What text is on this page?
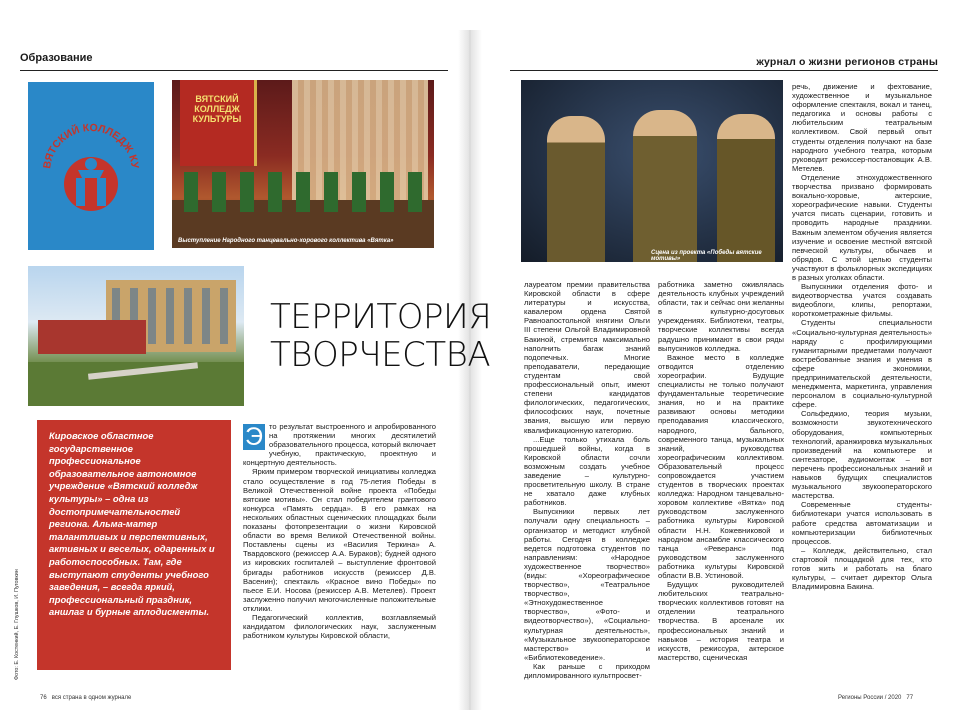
Образование	журнал о жизни регионов страны
ВЯТСКИЙ КОЛЛЕДЖ КУ
ВЯТСКИЙ КОЛЛЕДЖ КУЛЬТУРЫ
Выступление Народного танцевально-хорового коллектива «Вятка»
ТЕРРИТОРИЯ
ТВОРЧЕСТВА
Кировское областное государственное профессиональное образовательное автономное учреждение «Вятский колледж культуры» – одна из достопримечательностей региона. Альма-матер талантливых и перспективных, активных и веселых, одаренных и работоспособных. Там, где выступают студенты учебного заведения, – всегда яркий, профессиональный праздник, аншлаг и бурные аплодисменты.
Фото: Е. Костенкий, Е. Глушков, И. Пуговкин

Э то результат выстроенного и апробированного на протяжении многих десятилетий образовательного процесса, который включает учебную, практическую, проектную и концертную деятельность.

Ярким примером творческой инициативы колледжа стало осуществление в год 75-летия Победы в Великой Отечественной войне проекта «Победы вятские мотивы». Он стал победителем грантового конкурса «Память сердца». В его рамках на нескольких областных сценических площадках были показаны фотопрезентации о жизни Кировской области во время Великой Отечественной войны. Поставлены сцены из «Василия Теркина» А. Твардовского (режиссер А.А. Бураков); будней одного из кировских госпиталей – выступление фронтовой бригады работников искусств (режиссер Д.В. Васенин); спектакль «Красное вино Победы» по пьесе Е.И. Носова (режиссер А.В. Метелев). Проект заслуженно получил многочисленные положительные отклики.

Педагогический коллектив, возглавляемый кандидатом филологических наук, заслуженным работником культуры Кировской области,

Сцена из проекта «Победы вятские мотивы»

лауреатом премии правительства Кировской области в сфере литературы и искусства, кавалером ордена Святой Равноапостольной княгини Ольги III степени Ольгой Владимировной Бакиной, стремится максимально наполнить багаж знаний подопечных. Многие преподаватели, передающие студентам свой профессиональный опыт, имеют степени кандидатов филологических, педагогических, философских наук, почетные звания, высшую или первую квалификационную категорию.

...Еще только утихала боль прошедшей войны, когда в Кировской области сочли возможным создать учебное заведение – культурно-просветительную школу. В стране не хватало даже клубных работников.

Выпускники первых лет получали одну специальность – организатор и методист клубной работы. Сегодня в колледже ведется подготовка студентов по направлениям: «Народное художественное творчество» (виды: «Хореографическое творчество», «Театральное творчество», «Этнохудожественное творчество», «Фото- и видеотворчество»), «Социально-культурная деятельность», «Музыкальное звукооператорское мастерство» и «Библиотековедение».

Как раньше с приходом дипломированного культпросвет-

работника заметно оживлялась деятельность клубных учреждений области, так и сейчас они желанны в культурно-досуговых учреждениях. Библиотеки, театры, творческие коллективы всегда радушно принимают в свои ряды выпускников колледжа.

Важное место в колледже отводится отделению хореографии. Будущие специалисты не только получают фундаментальные теоретические знания, но и на практике развивают основы методики преподавания классического, народного, бального, современного танца, музыкальных знаний, руководства хореографическим коллективом. Образовательный процесс сопровождается участием студентов в творческих проектах колледжа: Народном танцевально-хоровом коллективе «Вятка» под руководством заслуженного работника культуры Кировской области Н.Н. Кожевниковой и народном ансамбле классического танца «Реверанс» под руководством заслуженного работника культуры Кировской области В.В. Устиновой.

Будущих руководителей любительских театрально-творческих коллективов готовят на отделении театрального творчества. В арсенале их профессиональных знаний и навыков – история театра и искусств, режиссура, актерское мастерство, сценическая

речь, движение и фехтование, художественное и музыкальное оформление спектакля, вокал и танец, педагогика и основы работы с любительским театральным коллективом. Свой первый опыт студенты отделения получают на базе народного учебного театра, которым руководит режиссер-постановщик А.В. Метелев.

Отделение этнохудожественного творчества призвано формировать вокально-хоровые, актерские, хореографические навыки. Студенты учатся писать сценарии, готовить и проводить народные праздники. Важным элементом обучения является изучение и освоение местной вятской певческой культуры, обычаев и обрядов. С этой целью студенты участвуют в фольклорных экспедициях в разных уголках области.

Выпускники отделения фото- и видеотворчества учатся создавать видеоблоги, клипы, репортажи, короткометражные фильмы.

Студенты специальности «Социально-культурная деятельность» наряду с профилирующими гуманитарными предметами получают востребованные знания и умения в сфере экономики, предпринимательской деятельности, менеджмента, маркетинга, управления персоналом в социально-культурной сфере.

Сольфеджио, теория музыки, возможности звукотехнического оборудования, компьютерных технологий, аранжировка музыкальных произведений на компьютере и синтезаторе, аудиомонтаж – вот перечень профессиональных знаний и навыков будущих специалистов музыкального звукооператорского мастерства.

Современные студенты-библиотекари учатся использовать в работе средства автоматизации и компьютеризации библиотечных процессов.

– Колледж, действительно, стал стартовой площадкой для тех, кто готов жить и работать на благо культуры, – считает директор Ольга Владимировна Бакина.

76 вся страна в одном журнале	Регионы России / 2020 77
